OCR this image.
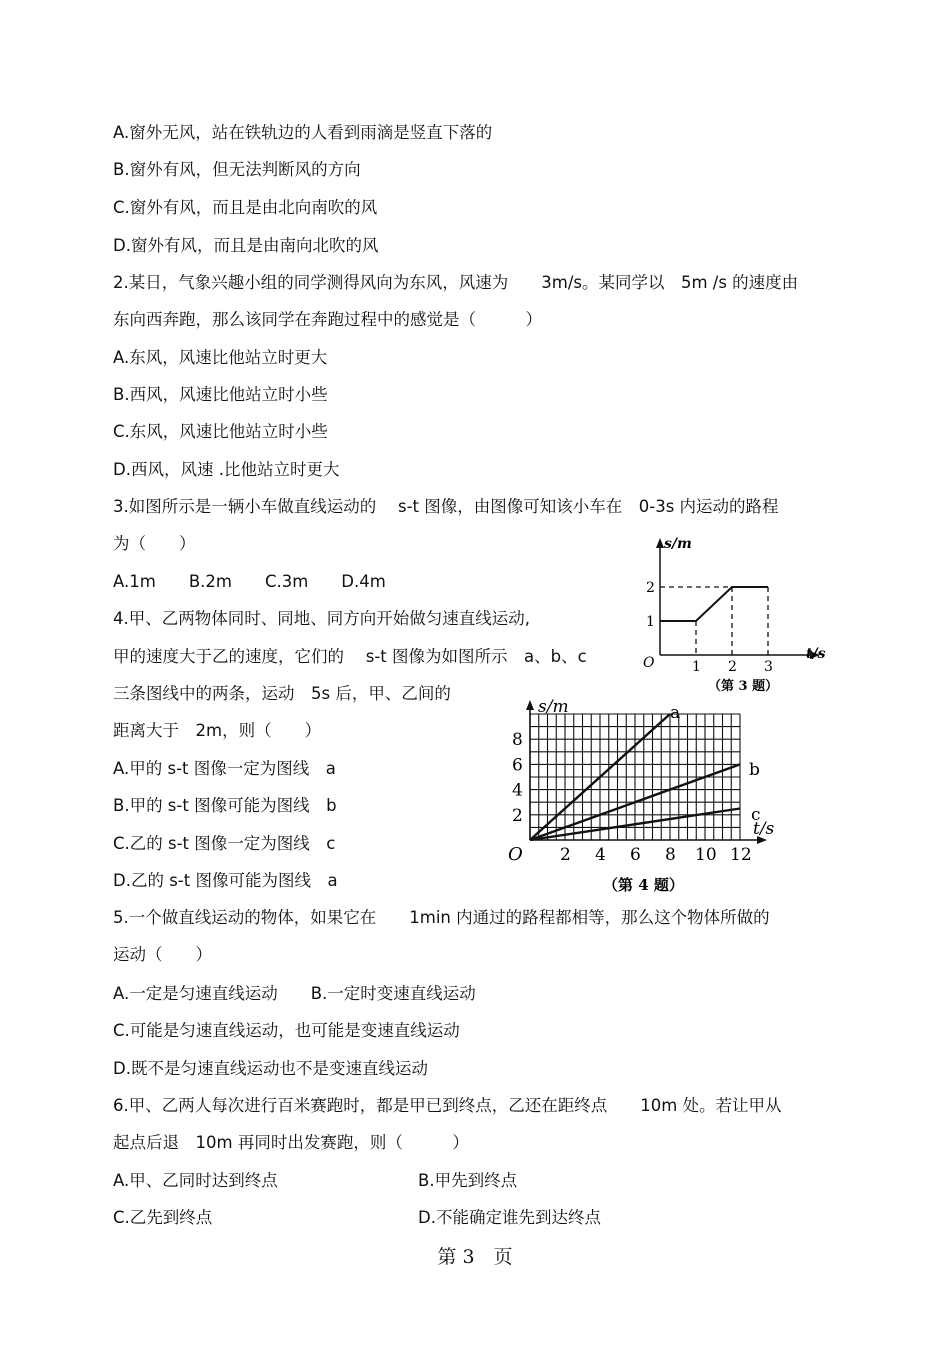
A.窗外无风，站在铁轨边的人看到雨滴是竖直下落的
B.窗外有风，但无法判断风的方向
C.窗外有风，而且是由北向南吹的风
D.窗外有风，而且是由南向北吹的风
2.某日，气象兴趣小组的同学测得风向为东风，风速为　　3m/s。某同学以　5m /s 的速度由
东向西奔跑，那么该同学在奔跑过程中的感觉是（　　　）
A.东风，风速比他站立时更大
B.西风，风速比他站立时小些
C.东风，风速比他站立时小些
D.西风，风速 .比他站立时更大
3.如图所示是一辆小车做直线运动的　 s-t 图像，由图像可知该小车在　0-3s 内运动的路程
为（　　）
A.1m　　B.2m　　C.3m　　D.4m
4.甲、乙两物体同时、同地、同方向开始做匀速直线运动,
甲的速度大于乙的速度，它们的　 s-t 图像为如图所示　a、b、c
三条图线中的两条，运动　5s 后，甲、乙间的
距离大于　2m，则（　　）
A.甲的 s-t 图像一定为图线　a
B.甲的 s-t 图像可能为图线　b
C.乙的 s-t 图像一定为图线　c
D.乙的 s-t 图像可能为图线　a
5.一个做直线运动的物体，如果它在　　1min 内通过的路程都相等，那么这个物体所做的
运动（　　）
A.一定是匀速直线运动　　B.一定时变速直线运动
C.可能是匀速直线运动，也可能是变速直线运动
D.既不是匀速直线运动也不是变速直线运动
6.甲、乙两人每次进行百米赛跑时，都是甲已到终点，乙还在距终点　　10m 处。若让甲从
起点后退　10m 再同时出发赛跑，则（　　　）
A.甲、乙同时达到终点	B.甲先到终点
C.乙先到终点	D.不能确定谁先到达终点
第 3　页
s/m
t/s
O	1 2 3
1
2
（第 3 题）
s/m
t/s
O
a
b
c
2 4 6 8 10 12
2
4
6
8
（第 4 题）
